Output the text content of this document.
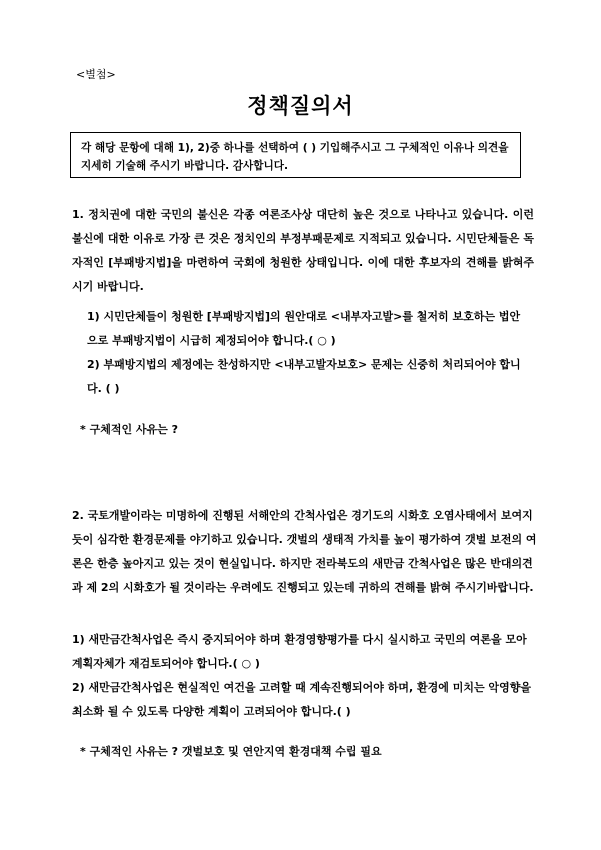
<별첨>
정책질의서
각 해당 문항에 대해 1), 2)중 하나를 선택하여 ( ) 기입해주시고 그 구체적인 이유나 의견을 지세히 기술해 주시기 바랍니다. 감사합니다.
1. 정치권에 대한 국민의 불신은 각종 여론조사상 대단히 높은 것으로 나타나고 있습니다. 이런 불신에 대한 이유로 가장 큰 것은 정치인의 부정부패문제로 지적되고 있습니다. 시민단체들은 독자적인 [부패방지법]을 마련하여 국회에 청원한 상태입니다. 이에 대한 후보자의 견해를 밝혀주시기 바랍니다.
1) 시민단체들이 청원한 [부패방지법]의 원안대로 <내부자고발>를 철저히 보호하는 법안으로 부패방지법이 시급히 제정되어야 합니다.( ○ )
2) 부패방지법의 제정에는 찬성하지만 <내부고발자보호> 문제는 신중히 처리되어야 합니다. ( )
* 구체적인 사유는 ?
2. 국토개발이라는 미명하에 진행된 서해안의 간척사업은 경기도의 시화호 오염사태에서 보여지듯이 심각한 환경문제를 야기하고 있습니다. 갯벌의 생태적 가치를 높이 평가하여 갯벌 보전의 여론은 한층 높아지고 있는 것이 현실입니다. 하지만 전라북도의 새만금 간척사업은 많은 반대의견과 제 2의 시화호가 될 것이라는 우려에도 진행되고 있는데 귀하의 견해를 밝혀 주시기바랍니다.
1) 새만금간척사업은 즉시 중지되어야 하며 환경영향평가를 다시 실시하고 국민의 여론을 모아 계획자체가 재검토되어야 합니다.( ○ )
2) 새만금간척사업은 현실적인 여건을 고려할 때 계속진행되어야 하며, 환경에 미치는 악영향을 최소화 될 수 있도록 다양한 계획이 고려되어야 합니다.( )
* 구체적인 사유는 ? 갯벌보호 및 연안지역 환경대책 수립 필요
